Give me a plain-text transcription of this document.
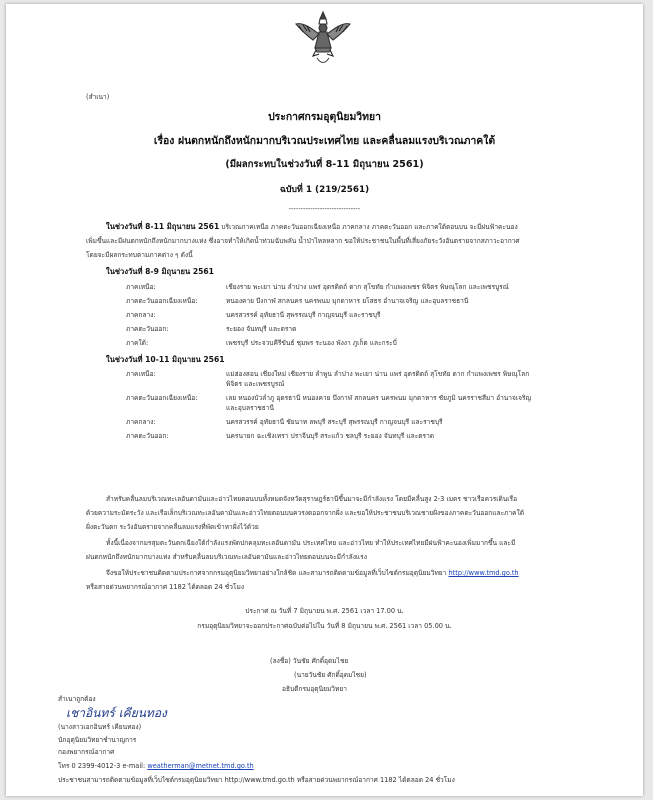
(สำเนา)
ประกาศกรมอุตุนิยมวิทยา
เรื่อง ฝนตกหนักถึงหนักมากบริเวณประเทศไทย และคลื่นลมแรงบริเวณภาคใต้
(มีผลกระทบในช่วงวันที่ 8-11 มิถุนายน 2561)
ฉบับที่ 1 (219/2561)
------------------------------
ในช่วงวันที่ 8-11 มิถุนายน 2561 บริเวณภาคเหนือ ภาคตะวันออกเฉียงเหนือ ภาคกลาง ภาคตะวันออก และภาคใต้ตอนบน จะมีฝนฟ้าคะนอง
เพิ่มขึ้นและมีฝนตกหนักถึงหนักมากบางแห่ง ซึ่งอาจทำให้เกิดน้ำท่วมฉับพลัน น้ำป่าไหลหลาก ขอให้ประชาชนในพื้นที่เสี่ยงภัยระวังอันตรายจากสภาวะอากาศ
โดยจะมีผลกระทบตามภาคต่าง ๆ ดังนี้
ในช่วงวันที่ 8-9 มิถุนายน 2561
ภาคเหนือ:	เชียงราย พะเยา น่าน ลำปาง แพร่ อุตรดิตถ์ ตาก สุโขทัย กำแพงเพชร พิจิตร พิษณุโลก และเพชรบูรณ์

ภาคตะวันออกเฉียงเหนือ:	หนองคาย บึงกาฬ สกลนคร นครพนม มุกดาหาร ยโสธร อำนาจเจริญ และอุบลราชธานี

ภาคกลาง:	นครสวรรค์ อุทัยธานี สุพรรณบุรี กาญจนบุรี และราชบุรี

ภาคตะวันออก:	ระยอง จันทบุรี และตราด

ภาคใต้:	เพชรบุรี ประจวบคีรีขันธ์ ชุมพร ระนอง พังงา ภูเก็ต และกระบี่
ในช่วงวันที่ 10-11 มิถุนายน 2561
ภาคเหนือ:	แม่ฮ่องสอน เชียงใหม่ เชียงราย ลำพูน ลำปาง พะเยา น่าน แพร่ อุตรดิตถ์ สุโขทัย ตาก กำแพงเพชร พิษณุโลก
พิจิตร และเพชรบูรณ์

ภาคตะวันออกเฉียงเหนือ:	เลย หนองบัวลำภู อุดรธานี หนองคาย บึงกาฬ สกลนคร นครพนม มุกดาหาร ชัยภูมิ นครราชสีมา อำนาจเจริญ
และอุบลราชธานี

ภาคกลาง:	นครสวรรค์ อุทัยธานี ชัยนาท ลพบุรี สระบุรี สุพรรณบุรี กาญจนบุรี และราชบุรี

ภาคตะวันออก:	นครนายก ฉะเชิงเทรา ปราจีนบุรี สระแก้ว ชลบุรี ระยอง จันทบุรี และตราด
สำหรับคลื่นลมบริเวณทะเลอันดามันและอ่าวไทยตอนบนทั้งหมดจังหวัดสุราษฎร์ธานีขึ้นมาจะมีกำลังแรง โดยมีคลื่นสูง 2-3 เมตร ชาวเรือควรเดินเรือ
ด้วยความระมัดระวัง และเรือเล็กบริเวณทะเลอันดามันและอ่าวไทยตอนบนควรงดออกจากฝั่ง และขอให้ประชาชนบริเวณชายฝั่งของภาคตะวันออกและภาคใต้
ฝั่งตะวันตก ระวังอันตรายจากคลื่นลมแรงที่พัดเข้าหาฝั่งไว้ด้วย
ทั้งนี้เนื่องจากมรสุมตะวันตกเฉียงใต้กำลังแรงพัดปกคลุมทะเลอันดามัน ประเทศไทย และอ่าวไทย ทำให้ประเทศไทยมีฝนฟ้าคะนองเพิ่มมากขึ้น และมี
ฝนตกหนักถึงหนักมากบางแห่ง สำหรับคลื่นลมบริเวณทะเลอันดามันและอ่าวไทยตอนบนจะมีกำลังแรง
จึงขอให้ประชาชนติดตามประกาศจากกรมอุตุนิยมวิทยาอย่างใกล้ชิด และสามารถติดตามข้อมูลที่เว็บไซต์กรมอุตุนิยมวิทยา http://www.tmd.go.th
หรือสายด่วนพยากรณ์อากาศ 1182 ได้ตลอด 24 ชั่วโมง
ประกาศ ณ วันที่ 7 มิถุนายน พ.ศ. 2561 เวลา 17.00 น.
กรมอุตุนิยมวิทยาจะออกประกาศฉบับต่อไปใน วันที่ 8 มิถุนายน พ.ศ. 2561 เวลา 05.00 น.
(ลงชื่อ) วันชัย ศักดิ์อุดมไชย
(นายวันชัย ศักดิ์อุดมไชย)
อธิบดีกรมอุตุนิยมวิทยา
สำเนาถูกต้อง
เชาอินทร์ เคียนทอง
(นางสาวเอกอินทร์ เคียนทอง)
นักอุตุนิยมวิทยาชำนาญการ
กองพยากรณ์อากาศ
โทร 0 2399-4012-3 e-mail: weatherman@metnet.tmd.go.th
ประชาชนสามารถติดตามข้อมูลที่เว็บไซต์กรมอุตุนิยมวิทยา http://www.tmd.go.th หรือสายด่วนพยากรณ์อากาศ 1182 ได้ตลอด 24 ชั่วโมง
